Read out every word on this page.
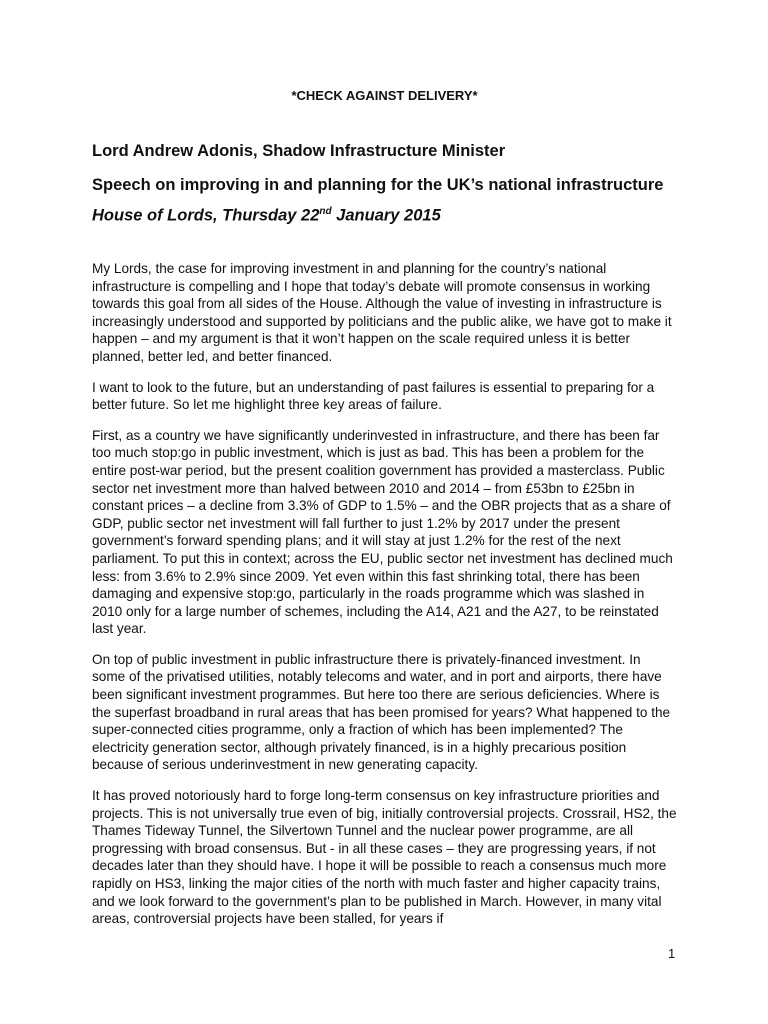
*CHECK AGAINST DELIVERY*
Lord Andrew Adonis, Shadow Infrastructure Minister
Speech on improving in and planning for the UK’s national infrastructure
House of Lords, Thursday 22nd January 2015

My Lords, the case for improving investment in and planning for the country’s national infrastructure is compelling and I hope that today’s debate will promote consensus in working towards this goal from all sides of the House. Although the value of investing in infrastructure is increasingly understood and supported by politicians and the public alike, we have got to make it happen – and my argument is that it won’t happen on the scale required unless it is better planned, better led, and better financed.

I want to look to the future, but an understanding of past failures is essential to preparing for a better future. So let me highlight three key areas of failure.

First, as a country we have significantly underinvested in infrastructure, and there has been far too much stop:go in public investment, which is just as bad. This has been a problem for the entire post-war period, but the present coalition government has provided a masterclass. Public sector net investment more than halved between 2010 and 2014 – from £53bn to £25bn in constant prices – a decline from 3.3% of GDP to 1.5% – and the OBR projects that as a share of GDP, public sector net investment will fall further to just 1.2% by 2017 under the present government’s forward spending plans; and it will stay at just 1.2% for the rest of the next parliament. To put this in context; across the EU, public sector net investment has declined much less: from 3.6% to 2.9% since 2009. Yet even within this fast shrinking total, there has been damaging and expensive stop:go, particularly in the roads programme which was slashed in 2010 only for a large number of schemes, including the A14, A21 and the A27, to be reinstated last year.

On top of public investment in public infrastructure there is privately-financed investment. In some of the privatised utilities, notably telecoms and water, and in port and airports, there have been significant investment programmes. But here too there are serious deficiencies. Where is the superfast broadband in rural areas that has been promised for years? What happened to the super-connected cities programme, only a fraction of which has been implemented? The electricity generation sector, although privately financed, is in a highly precarious position because of serious underinvestment in new generating capacity.

It has proved notoriously hard to forge long-term consensus on key infrastructure priorities and projects. This is not universally true even of big, initially controversial projects. Crossrail, HS2, the Thames Tideway Tunnel, the Silvertown Tunnel and the nuclear power programme, are all progressing with broad consensus. But - in all these cases – they are progressing years, if not decades later than they should have. I hope it will be possible to reach a consensus much more rapidly on HS3, linking the major cities of the north with much faster and higher capacity trains, and we look forward to the government’s plan to be published in March. However, in many vital areas, controversial projects have been stalled, for years if

1
